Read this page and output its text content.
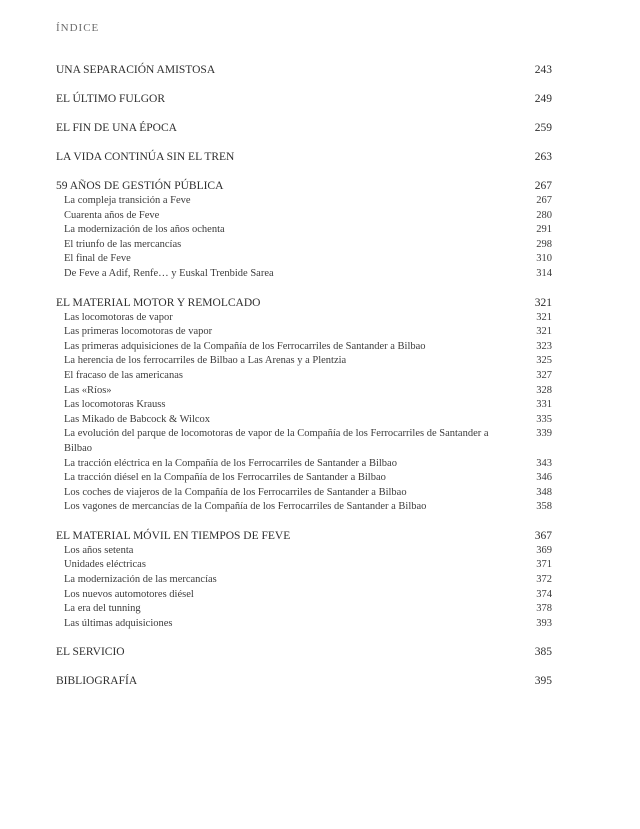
ÍNDICE
UNA SEPARACIÓN AMISTOSA	243
EL ÚLTIMO FULGOR	249
EL FIN DE UNA ÉPOCA	259
LA VIDA CONTINÚA SIN EL TREN	263
59 AÑOS DE GESTIÓN PÚBLICA	267
La compleja transición a Feve	267
Cuarenta años de Feve	280
La modernización de los años ochenta	291
El triunfo de las mercancías	298
El final de Feve	310
De Feve a Adif, Renfe… y Euskal Trenbide Sarea	314
EL MATERIAL MOTOR Y REMOLCADO	321
Las locomotoras de vapor	321
Las primeras locomotoras de vapor	321
Las primeras adquisiciones de la Compañía de los Ferrocarriles de Santander a Bilbao	323
La herencia de los ferrocarriles de Bilbao a Las Arenas y a Plentzia	325
El fracaso de las americanas	327
Las «Ríos»	328
Las locomotoras Krauss	331
Las Mikado de Babcock & Wilcox	335
La evolución del parque de locomotoras de vapor de la Compañía de los Ferrocarriles de Santander a Bilbao
339
La tracción eléctrica en la Compañía de los Ferrocarriles de Santander a Bilbao	343
La tracción diésel en la Compañía de los Ferrocarriles de Santander a Bilbao	346
Los coches de viajeros de la Compañía de los Ferrocarriles de Santander a Bilbao	348
Los vagones de mercancías de la Compañía de los Ferrocarriles de Santander a Bilbao	358
EL MATERIAL MÓVIL EN TIEMPOS DE FEVE	367
Los años setenta	369
Unidades eléctricas	371
La modernización de las mercancías	372
Los nuevos automotores diésel	374
La era del tunning	378
Las últimas adquisiciones	393
EL SERVICIO	385
BIBLIOGRAFÍA	395
